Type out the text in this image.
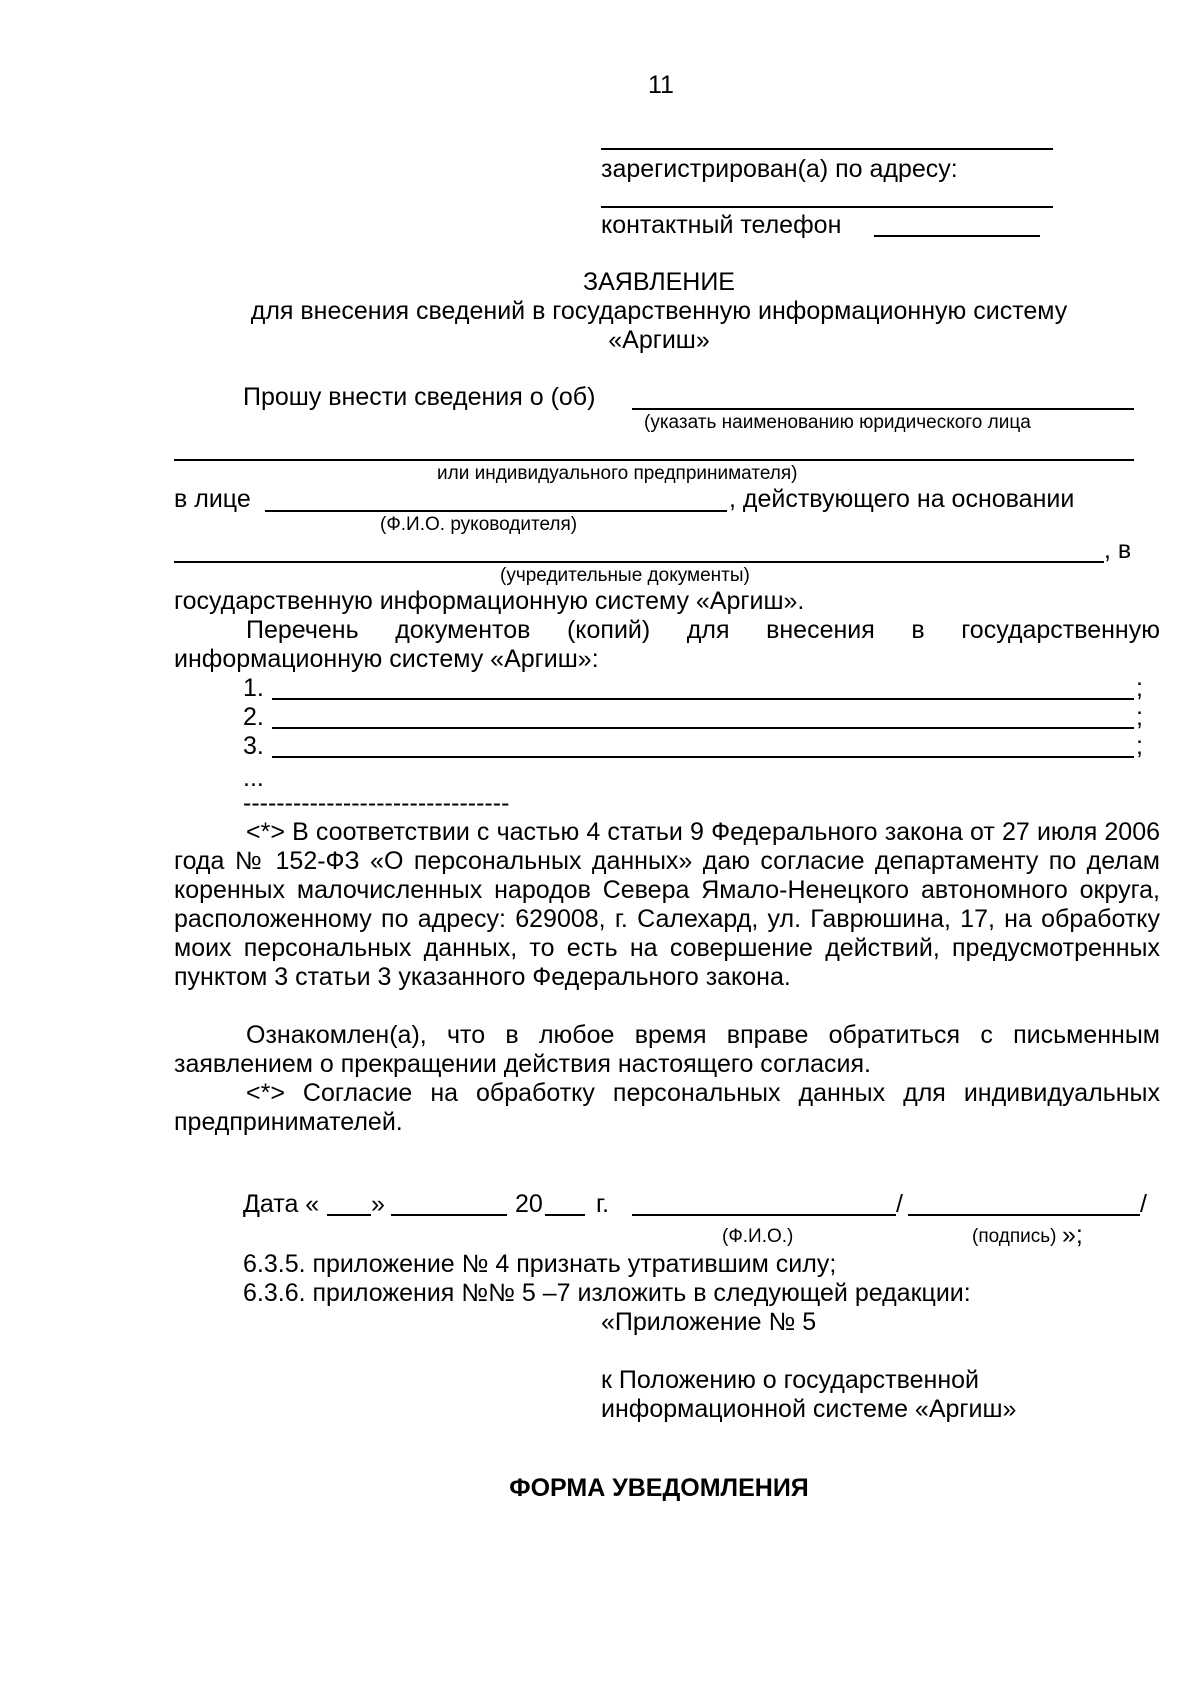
11
зарегистрирован(а) по адресу:
контактный телефон
ЗАЯВЛЕНИЕ
для внесения сведений в государственную информационную систему
«Аргиш»
Прошу внести сведения о (об)
(указать наименованию юридического лица
или индивидуального предпринимателя)
в лице	, действующего на основании
(Ф.И.О. руководителя)
, в
(учредительные документы)
государственную информационную систему «Аргиш».
Перечень документов (копий) для внесения в государственную
информационную систему «Аргиш»:
1.	;
2.	;
3.	;
...
--------------------------------
<*> В соответствии с частью 4 статьи 9 Федерального закона от 27 июля 2006 года № 152-ФЗ «О персональных данных» даю согласие департаменту по делам коренных малочисленных народов Севера Ямало-Ненецкого автономного округа, расположенному по адресу: 629008, г. Салехард, ул. Гаврюшина, 17, на обработку моих персональных данных, то есть на совершение действий, предусмотренных пунктом 3 статьи 3 указанного Федерального закона.
Ознакомлен(а), что в любое время вправе обратиться с письменным заявлением о прекращении действия настоящего согласия.
<*> Согласие на обработку персональных данных для индивидуальных предпринимателей.
Дата « »	20 г.	/	/
(Ф.И.О.)	(подпись) »;
6.3.5. приложение № 4 признать утратившим силу;
6.3.6. приложения №№ 5 –7 изложить в следующей редакции:
«Приложение № 5
к Положению о государственной
информационной системе «Аргиш»
ФОРМА УВЕДОМЛЕНИЯ
